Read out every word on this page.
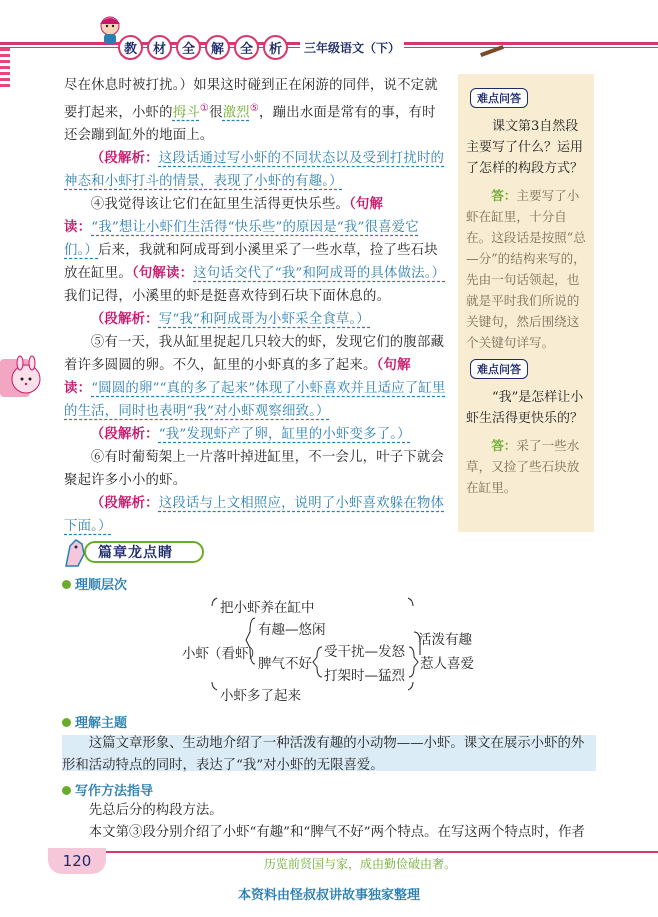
教	材	全	解	全	析	三年级语文（下）

尽在休息时被打扰。）如果这时碰到正在闲游的同伴，说不定就要打起来，小虾的拇斗①很激烈⑤，蹦出水面是常有的事，有时还会蹦到缸外的地面上。

（段解析：这段话通过写小虾的不同状态以及受到打扰时的神态和小虾打斗的情景，表现了小虾的有趣。）

④我觉得该让它们在缸里生活得更快乐些。（句解读：“我”想让小虾们生活得“快乐些”的原因是“我”很喜爱它们。）后来，我就和阿成哥到小溪里采了一些水草，捡了些石块放在缸里。（句解读：这句话交代了“我”和阿成哥的具体做法。）我们记得，小溪里的虾是挺喜欢待到石块下面休息的。

（段解析：写“我”和阿成哥为小虾采全食草。）

⑤有一天，我从缸里捉起几只较大的虾，发现它们的腹部藏着许多圆圆的卵。不久，缸里的小虾真的多了起来。（句解读：“圆圆的卵”“真的多了起来”体现了小虾喜欢并且适应了缸里的生活，同时也表明“我”对小虾观察细致。）

（段解析：“我”发现虾产了卵，缸里的小虾变多了。）

⑥有时葡萄架上一片落叶掉进缸里，不一会儿，叶子下就会聚起许多小小的虾。

（段解析：这段话与上文相照应，说明了小虾喜欢躲在物体下面。）

难点问答

课文第3自然段主要写了什么？运用了怎样的构段方式？

答：主要写了小虾在缸里，十分自在。这段话是按照“总—分”的结构来写的，先由一句话领起，也就是平时我们所说的关键句，然后围绕这个关键句详写。

难点问答

“我”是怎样让小虾生活得更快乐的？

答：采了一些水草，又捡了些石块放在缸里。

篇章龙点睛
理顺层次
把小虾养在缸中
小虾 （看虾）
有趣—悠闲
脾气不好
受干扰—发怒
打架时—猛烈
活泼有趣
惹人喜爱
小虾多了起来
理解主题

这篇文章形象、生动地介绍了一种活泼有趣的小动物——小虾。课文在展示小虾的外形和活动特点的同时，表达了“我”对小虾的无限喜爱。

写作方法指导

先总后分的构段方法。

本文第③段分别介绍了小虾“有趣”和“脾气不好”两个特点。在写这两个特点时，作者

120	历览前贤国与家，成由勤俭破由奢。
本资料由怪叔叔讲故事独家整理
